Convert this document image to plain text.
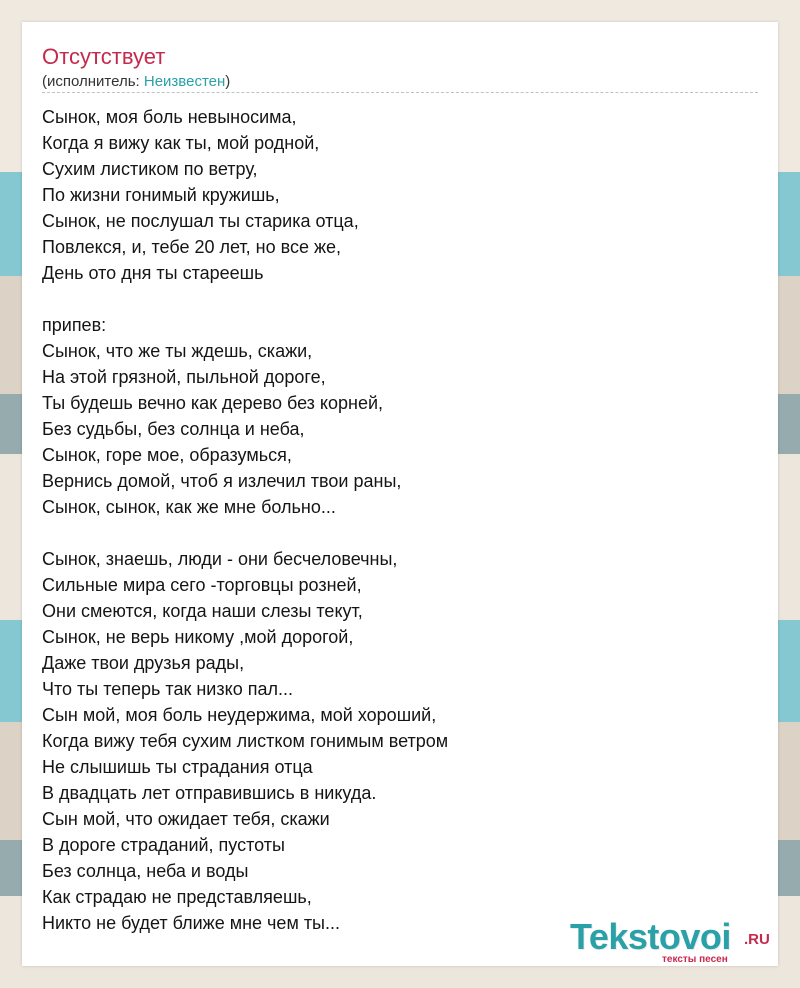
Отсутствует
(исполнитель: Неизвестен)
Сынок, моя боль невыносима,
Когда я вижу как ты, мой родной,
Сухим листиком по ветру,
По жизни гонимый кружишь,
Сынок, не послушал ты старика отца,
Повлекся, и, тебе 20 лет, но все же,
День ото дня ты стареешь
припев:
Сынок, что же ты ждешь, скажи,
На этой грязной, пыльной дороге,
Ты будешь вечно как дерево без корней,
Без судьбы, без солнца и неба,
Сынок, горе мое, образумься,
Вернись домой, чтоб я излечил твои раны,
Сынок, сынок, как же мне больно...
Сынок, знаешь, люди - они бесчеловечны,
Сильные мира сего -торговцы розней,
Они смеются, когда наши слезы текут,
Сынок, не верь никому ,мой дорогой,
Даже твои друзья рады,
Что ты теперь так низко пал...
Сын мой, моя боль неудержима, мой хороший,
Когда вижу тебя сухим листком гонимым ветром
Не слышишь ты страдания отца
В двадцать лет отправившись в никуда.
Сын мой, что ожидает тебя, скажи
В дороге страданий, пустоты
Без солнца, неба и воды
Как страдаю не представляешь,
Никто не будет ближе мне чем ты...	Tekstovoi .RU
тексты песен
